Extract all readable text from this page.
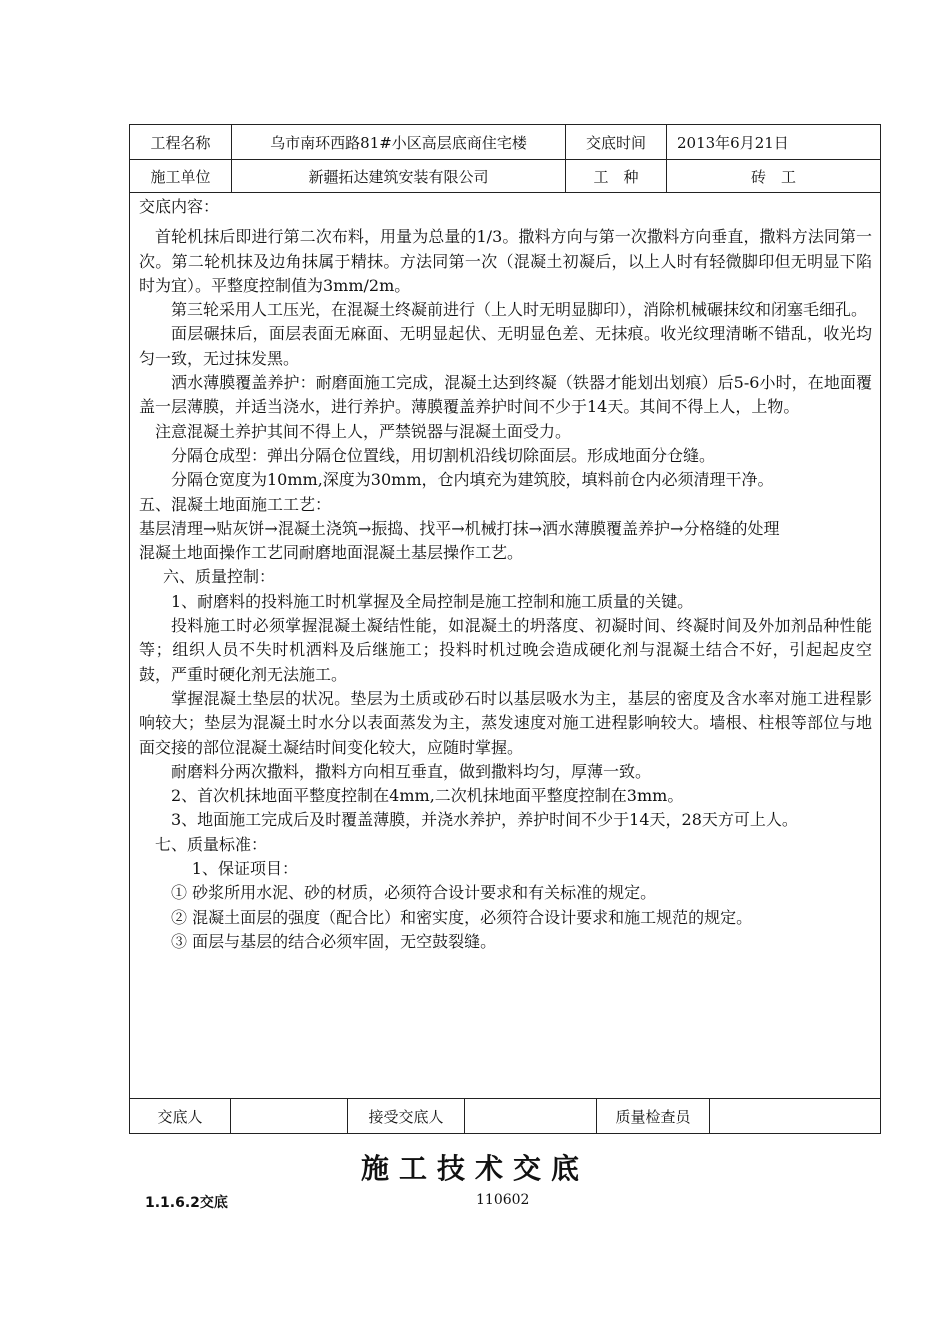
工程名称	乌市南环西路81#小区高层底商住宅楼	交底时间	2013年6月21日
施工单位	新疆拓达建筑安装有限公司	工　种	砖　工

交底内容：

首轮机抹后即进行第二次布料，用量为总量的1/3。撒料方向与第一次撒料方向垂直，撒料方法同第一次。第二轮机抹及边角抹属于精抹。方法同第一次（混凝土初凝后，以上人时有轻微脚印但无明显下陷时为宜）。平整度控制值为3mm/2m。

第三轮采用人工压光，在混凝土终凝前进行（上人时无明显脚印），消除机械碾抹纹和闭塞毛细孔。

面层碾抹后，面层表面无麻面、无明显起伏、无明显色差、无抹痕。收光纹理清晰不错乱，收光均匀一致，无过抹发黑。

洒水薄膜覆盖养护：耐磨面施工完成，混凝土达到终凝（铁器才能划出划痕）后5-6小时，在地面覆盖一层薄膜，并适当浇水，进行养护。薄膜覆盖养护时间不少于14天。其间不得上人，上物。

注意混凝土养护其间不得上人，严禁锐器与混凝土面受力。

分隔仓成型：弹出分隔仓位置线，用切割机沿线切除面层。形成地面分仓缝。

分隔仓宽度为10mm,深度为30mm，仓内填充为建筑胶，填料前仓内必须清理干净。

五、混凝土地面施工工艺：

基层清理→贴灰饼→混凝土浇筑→振捣、找平→机械打抹→洒水薄膜覆盖养护→分格缝的处理

混凝土地面操作工艺同耐磨地面混凝土基层操作工艺。

六、质量控制：

1、耐磨料的投料施工时机掌握及全局控制是施工控制和施工质量的关键。

投料施工时必须掌握混凝土凝结性能，如混凝土的坍落度、初凝时间、终凝时间及外加剂品种性能等；组织人员不失时机洒料及后继施工；投料时机过晚会造成硬化剂与混凝土结合不好，引起起皮空鼓，严重时硬化剂无法施工。

掌握混凝土垫层的状况。垫层为土质或砂石时以基层吸水为主，基层的密度及含水率对施工进程影响较大；垫层为混凝土时水分以表面蒸发为主，蒸发速度对施工进程影响较大。墙根、柱根等部位与地面交接的部位混凝土凝结时间变化较大，应随时掌握。

耐磨料分两次撒料，撒料方向相互垂直，做到撒料均匀，厚薄一致。

2、首次机抹地面平整度控制在4mm,二次机抹地面平整度控制在3mm。

3、地面施工完成后及时覆盖薄膜，并浇水养护，养护时间不少于14天，28天方可上人。

七、质量标准：

1、保证项目：

① 砂浆所用水泥、砂的材质，必须符合设计要求和有关标准的规定。

② 混凝土面层的强度（配合比）和密实度，必须符合设计要求和施工规范的规定。

③ 面层与基层的结合必须牢固，无空鼓裂缝。

交底人	接受交底人	质量检查员
施工技术交底
1.1.6.2交底	110602
